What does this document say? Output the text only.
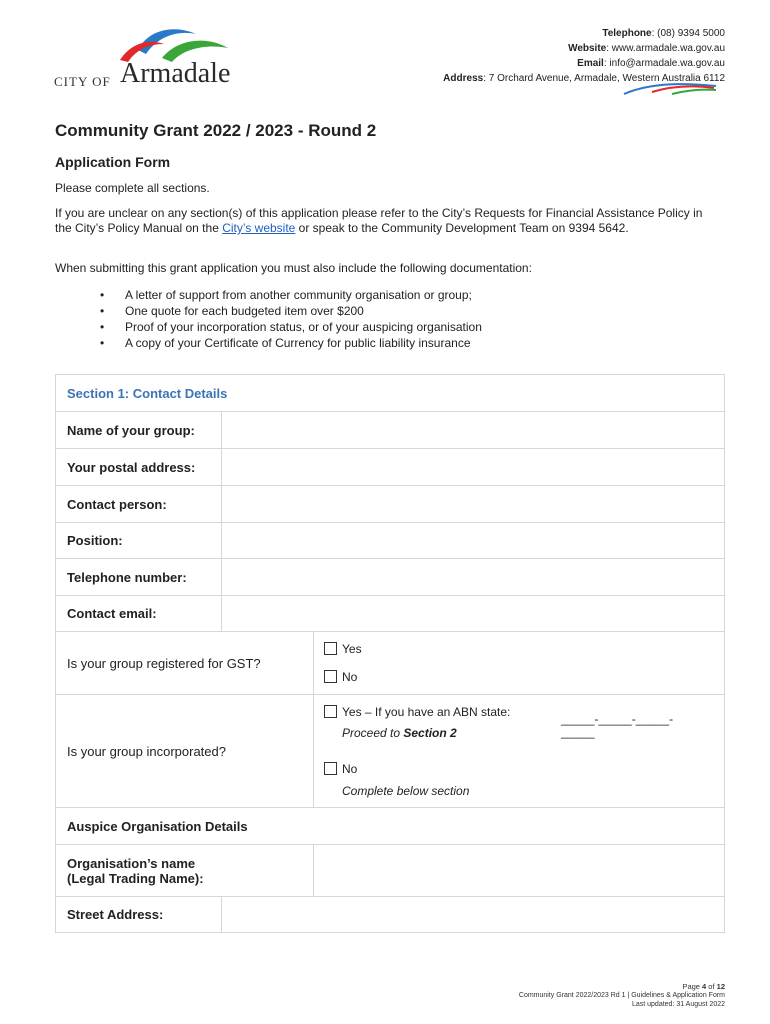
CITY OF Armadale
Telephone: (08) 9394 5000
Website: www.armadale.wa.gov.au
Email: info@armadale.wa.gov.au
Address: 7 Orchard Avenue, Armadale, Western Australia 6112
Community Grant 2022 / 2023 - Round 2
Application Form
Please complete all sections.
If you are unclear on any section(s) of this application please refer to the City’s Requests for Financial Assistance Policy in the City’s Policy Manual on the City’s website or speak to the Community Development Team on 9394 5642.
When submitting this grant application you must also include the following documentation:
• A letter of support from another community organisation or group;
• One quote for each budgeted item over $200
• Proof of your incorporation status, or of your auspicing organisation
• A copy of your Certificate of Currency for public liability insurance
Section 1: Contact Details
Name of your group:
Your postal address:
Contact person:
Position:
Telephone number:
Contact email:
Is your group registered for GST?
Yes
No
Is your group incorporated?
Yes – If you have an ABN state:	_____-_____-_____-
_____
Proceed to Section 2
No
Complete below section
Auspice Organisation Details
Organisation’s name
(Legal Trading Name):
Street Address:
Page 4 of 12
Community Grant 2022/2023 Rd 1 | Guidelines & Application Form
Last updated: 31 August 2022
